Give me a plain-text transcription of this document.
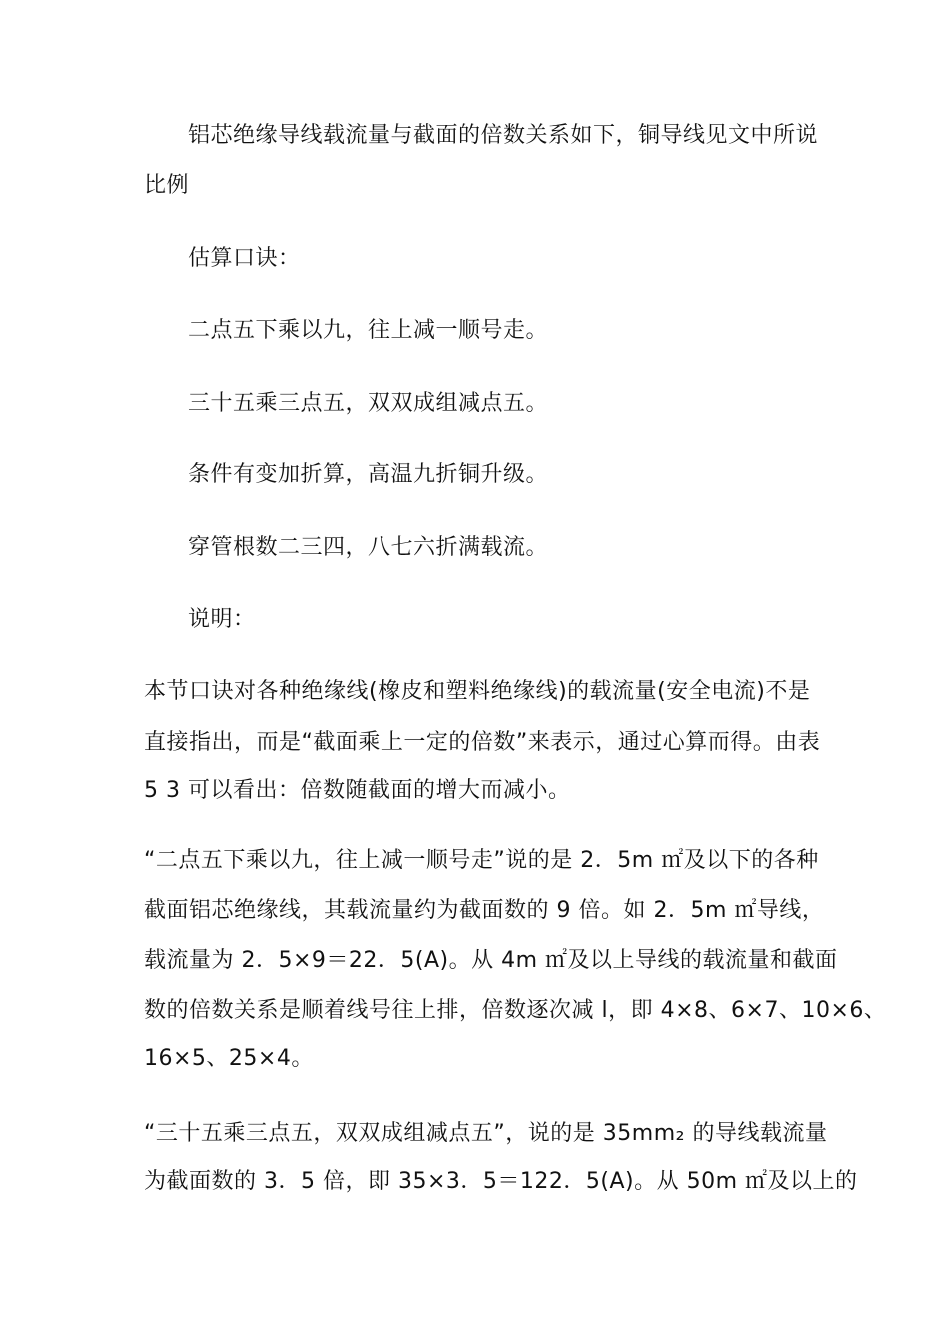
铝芯绝缘导线载流量与截面的倍数关系如下，铜导线见文中所说
比例
估算口诀：
二点五下乘以九，往上减一顺号走。
三十五乘三点五，双双成组减点五。
条件有变加折算，高温九折铜升级。
穿管根数二三四，八七六折满载流。
说明：
本节口诀对各种绝缘线(橡皮和塑料绝缘线)的载流量(安全电流)不是
直接指出，而是“截面乘上一定的倍数”来表示，通过心算而得。由表
5 3 可以看出：倍数随截面的增大而减小。
“二点五下乘以九，往上减一顺号走”说的是 2．5m ㎡及以下的各种
截面铝芯绝缘线，其载流量约为截面数的 9 倍。如 2．5m ㎡导线，
载流量为 2．5×9＝22．5(A)。从 4m ㎡及以上导线的载流量和截面
数的倍数关系是顺着线号往上排，倍数逐次减 l，即 4×8、6×7、10×6、
16×5、25×4。
“三十五乘三点五，双双成组减点五”，说的是 35mm₂ 的导线载流量
为截面数的 3．5 倍，即 35×3．5＝122．5(A)。从 50m ㎡及以上的
